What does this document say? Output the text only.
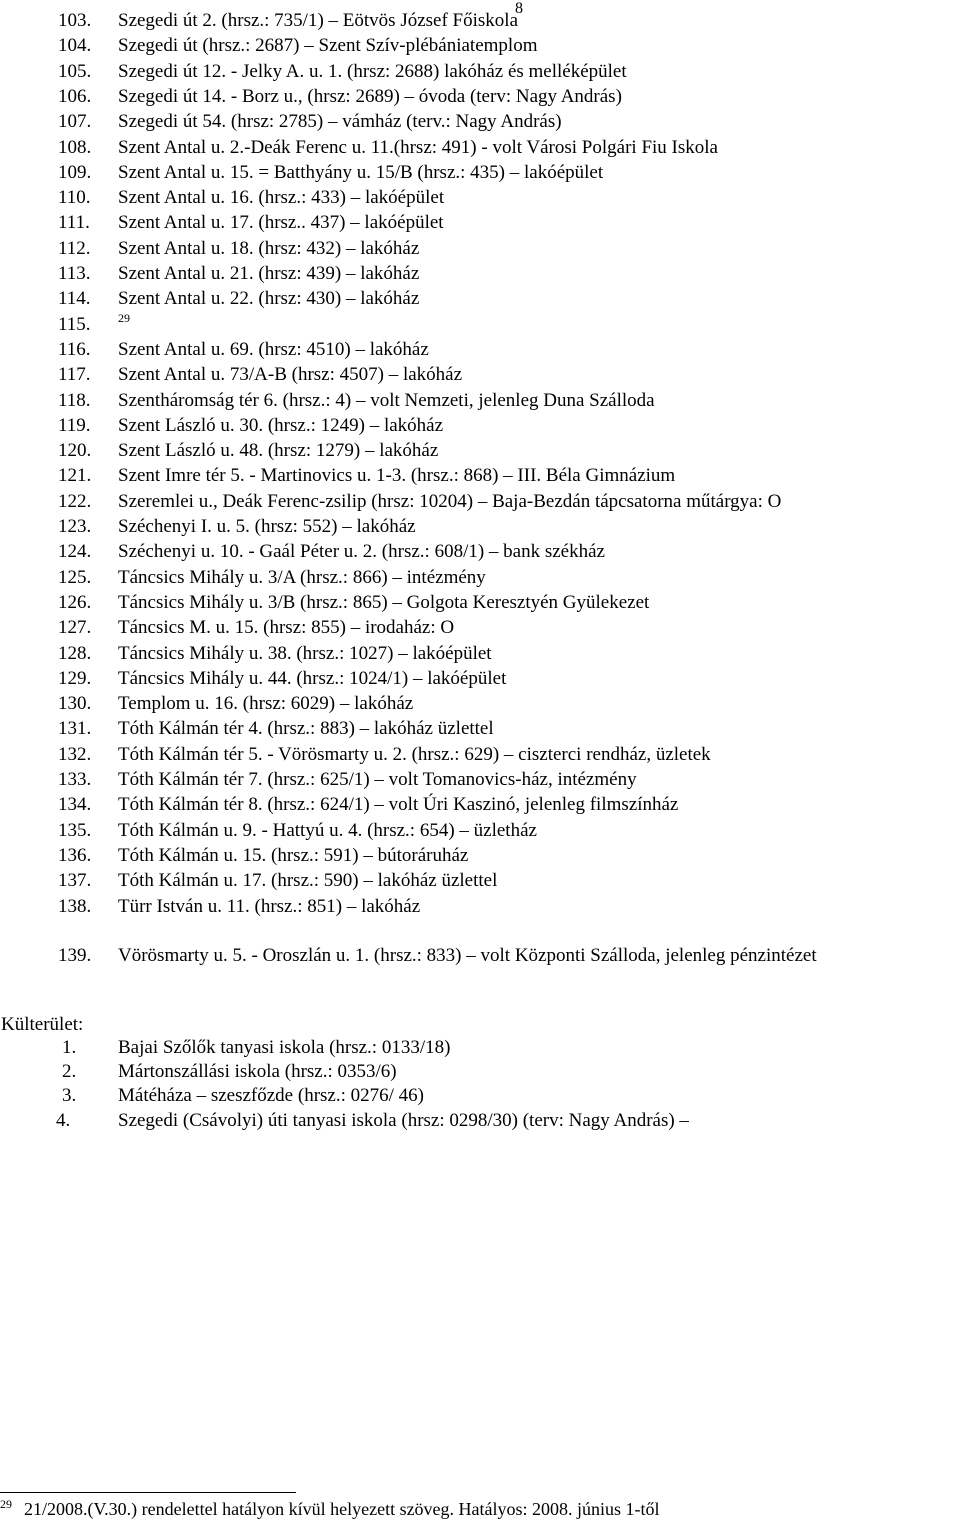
8
103.	Szegedi út 2. (hrsz.: 735/1) – Eötvös József Főiskola
104.	Szegedi út (hrsz.: 2687) – Szent Szív-plébániatemplom
105.	Szegedi út 12. - Jelky A. u. 1. (hrsz: 2688) lakóház és melléképület
106.	Szegedi út 14. - Borz u., (hrsz: 2689) – óvoda (terv: Nagy András)
107.	Szegedi út 54. (hrsz: 2785) – vámház (terv.: Nagy András)
108.	Szent Antal u. 2.-Deák Ferenc u. 11.(hrsz: 491) - volt Városi Polgári Fiu Iskola
109.	Szent Antal u. 15. = Batthyány u. 15/B (hrsz.: 435) – lakóépület
110.	Szent Antal u. 16. (hrsz.: 433) – lakóépület
111.	Szent Antal u. 17. (hrsz.. 437) – lakóépület
112.	Szent Antal u. 18. (hrsz: 432) – lakóház
113.	Szent Antal u. 21. (hrsz: 439) – lakóház
114.	Szent Antal u. 22. (hrsz: 430) – lakóház
115.	$^{29}$
116.	Szent Antal u. 69. (hrsz: 4510) – lakóház
117.	Szent Antal u. 73/A-B (hrsz: 4507) – lakóház
118.	Szentháromság tér 6. (hrsz.: 4) – volt Nemzeti, jelenleg Duna Szálloda
119.	Szent László u. 30. (hrsz.: 1249) – lakóház
120.	Szent László u. 48. (hrsz: 1279) – lakóház
121.	Szent Imre tér 5. - Martinovics u. 1-3. (hrsz.: 868) – III. Béla Gimnázium
122.	Szeremlei u., Deák Ferenc-zsilip (hrsz: 10204) – Baja-Bezdán tápcsatorna műtárgya: O
123.	Széchenyi I. u. 5. (hrsz: 552) – lakóház
124.	Széchenyi u. 10. - Gaál Péter u. 2. (hrsz.: 608/1) – bank székház
125.	Táncsics Mihály u. 3/A (hrsz.: 866) – intézmény
126.	Táncsics Mihály u. 3/B (hrsz.: 865) – Golgota Keresztyén Gyülekezet
127.	Táncsics M. u. 15. (hrsz: 855) – irodaház: O
128.	Táncsics Mihály u. 38. (hrsz.: 1027) – lakóépület
129.	Táncsics Mihály u. 44. (hrsz.: 1024/1) – lakóépület
130.	Templom u. 16. (hrsz: 6029) – lakóház
131.	Tóth Kálmán tér 4. (hrsz.: 883) – lakóház üzlettel
132.	Tóth Kálmán tér 5. - Vörösmarty u. 2. (hrsz.: 629) – ciszterci rendház, üzletek
133.	Tóth Kálmán tér 7. (hrsz.: 625/1) – volt Tomanovics-ház, intézmény
134.	Tóth Kálmán tér 8. (hrsz.: 624/1) – volt Úri Kaszinó, jelenleg filmszínház
135.	Tóth Kálmán u. 9. - Hattyú u. 4. (hrsz.: 654) – üzletház
136.	Tóth Kálmán u. 15. (hrsz.: 591) – bútoráruház
137.	Tóth Kálmán u. 17. (hrsz.: 590) – lakóház üzlettel
138.	Türr István u. 11. (hrsz.: 851) – lakóház
139.	Vörösmarty u. 5. - Oroszlán u. 1. (hrsz.: 833) – volt Központi Szálloda, jelenleg pénzintézet
Külterület:
1. Bajai Szőlők tanyasi iskola (hrsz.: 0133/18)
2. Mártonszállási iskola (hrsz.: 0353/6)
3. Mátéháza – szeszfőzde (hrsz.: 0276/ 46)
4.	Szegedi (Csávolyi) úti tanyasi iskola (hrsz: 0298/30) (terv: Nagy András) –
$^{29}$ 21/2008.(V.30.) rendelettel hatályon kívül helyezett szöveg. Hatályos: 2008. június 1-től
